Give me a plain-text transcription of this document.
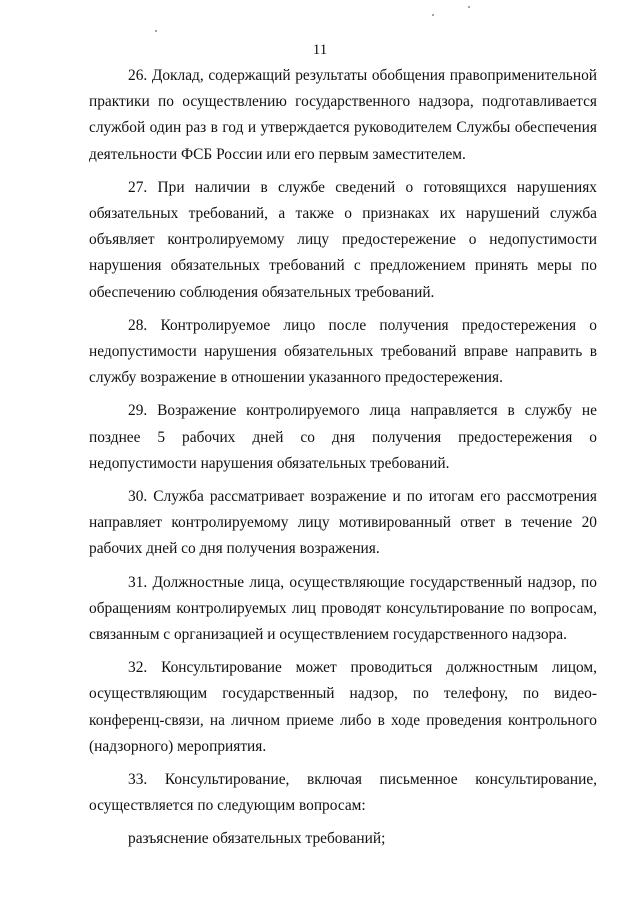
11

26. Доклад, содержащий результаты обобщения правоприменительной практики по осуществлению государственного надзора, подготавливается службой один раз в год и утверждается руководителем Службы обеспечения деятельности ФСБ России или его первым заместителем.

27. При наличии в службе сведений о готовящихся нарушениях обязательных требований, а также о признаках их нарушений служба объявляет контролируемому лицу предостережение о недопустимости нарушения обязательных требований с предложением принять меры по обеспечению соблюдения обязательных требований.

28. Контролируемое лицо после получения предостережения о недопустимости нарушения обязательных требований вправе направить в службу возражение в отношении указанного предостережения.

29. Возражение контролируемого лица направляется в службу не позднее 5 рабочих дней со дня получения предостережения о недопустимости нарушения обязательных требований.

30. Служба рассматривает возражение и по итогам его рассмотрения направляет контролируемому лицу мотивированный ответ в течение 20 рабочих дней со дня получения возражения.

31. Должностные лица, осуществляющие государственный надзор, по обращениям контролируемых лиц проводят консультирование по вопросам, связанным с организацией и осуществлением государственного надзора.

32. Консультирование может проводиться должностным лицом, осуществляющим государственный надзор, по телефону, по видео-конференц-связи, на личном приеме либо в ходе проведения контрольного (надзорного) мероприятия.

33. Консультирование, включая письменное консультирование, осуществляется по следующим вопросам:

разъяснение обязательных требований;
